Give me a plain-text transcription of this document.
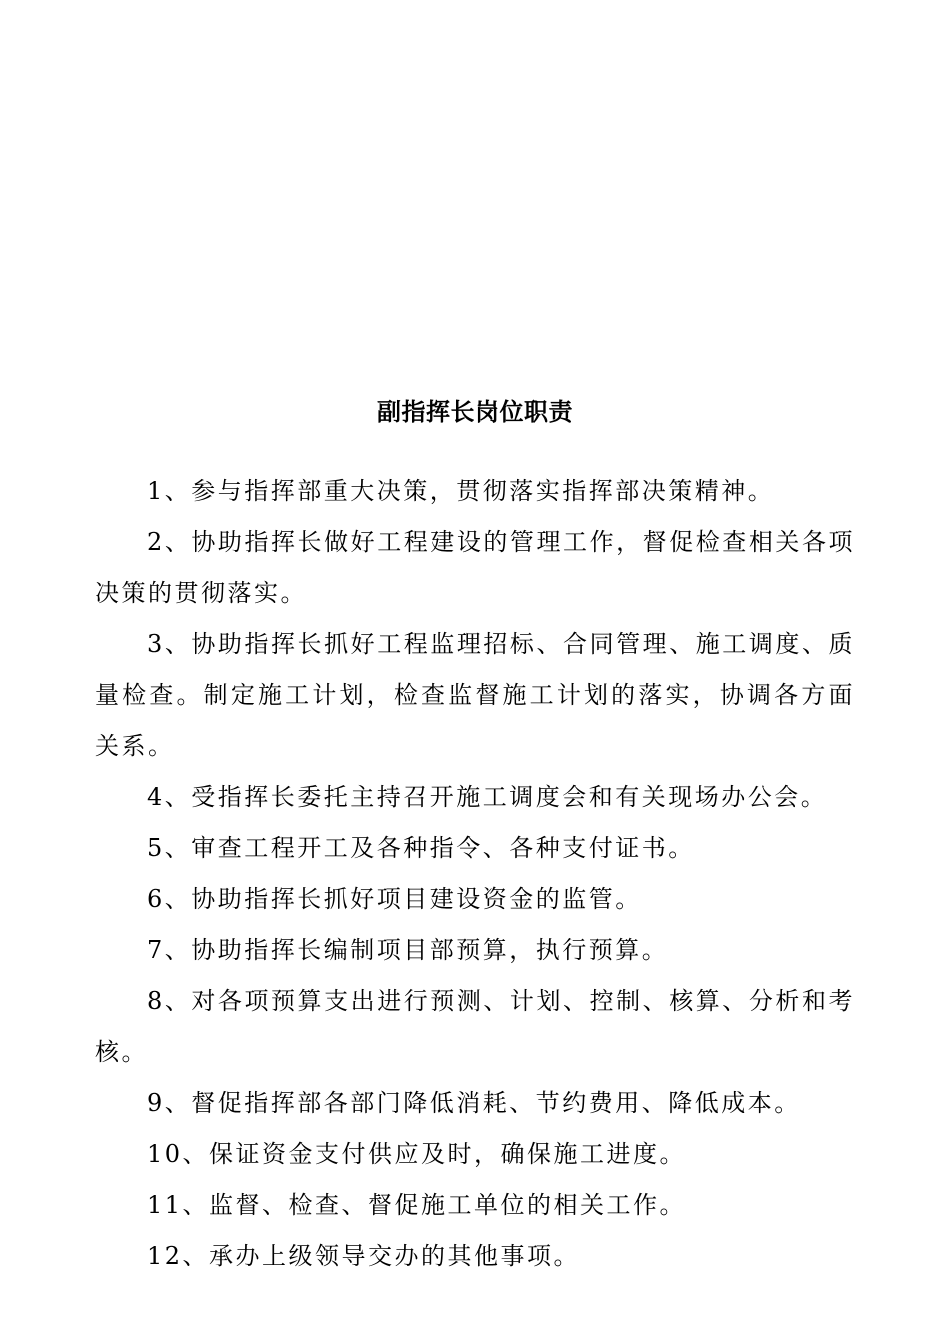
副指挥长岗位职责

1、参与指挥部重大决策，贯彻落实指挥部决策精神。

2、协助指挥长做好工程建设的管理工作，督促检查相关各项决策的贯彻落实。

3、协助指挥长抓好工程监理招标、合同管理、施工调度、质量检查。制定施工计划，检查监督施工计划的落实，协调各方面关系。

4、受指挥长委托主持召开施工调度会和有关现场办公会。

5、审查工程开工及各种指令、各种支付证书。

6、协助指挥长抓好项目建设资金的监管。

7、协助指挥长编制项目部预算，执行预算。

8、对各项预算支出进行预测、计划、控制、核算、分析和考核。

9、督促指挥部各部门降低消耗、节约费用、降低成本。

10、保证资金支付供应及时，确保施工进度。

11、监督、检查、督促施工单位的相关工作。

12、承办上级领导交办的其他事项。
